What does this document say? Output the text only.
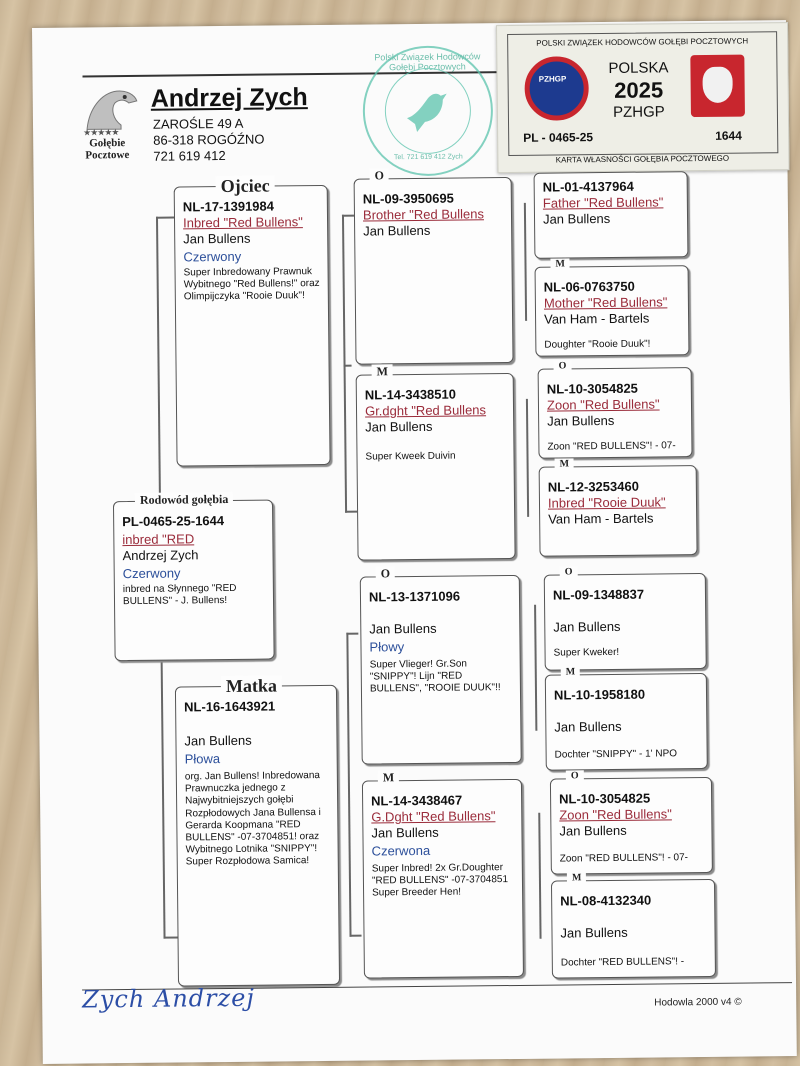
★★★★★
Gołębie
Pocztowe
Andrzej Zych
ZAROŚLE 49 A
86-318 ROGÓŹNO
721 619 412
Polski Związek Hodowców Gołębi Pocztowych
Tel. 721 619 412 Zych
POLSKI ZWIĄZEK HODOWCÓW GOŁĘBI POCZTOWYCH
PZHGP
POLSKA
2025
PZHGP
PL - 0465-25	1644
KARTA WŁASNOŚCI GOŁĘBIA POCZTOWEGO
PL-0465-25-1644
inbred "RED
Andrzej Zych
Czerwony
inbred na Słynnego "RED BULLENS" - J. Bullens!
Rodowód gołębia
NL-17-1391984
Inbred "Red Bullens"
Jan Bullens
Czerwony
Super Inbredowany Prawnuk Wybitnego "Red Bullens!" oraz Olimpijczyka "Rooie Duuk"!
Ojciec
NL-16-1643921
Jan Bullens
Płowa
org. Jan Bullens! Inbredowana Prawnuczka jednego z Najwybitniejszych gołębi Rozpłodowych Jana Bullensa i Gerarda Koopmana "RED BULLENS" -07-3704851! oraz Wybitnego Lotnika "SNIPPY"! Super Rozpłodowa Samica!
Matka
NL-09-3950695
Brother "Red Bullens
Jan Bullens
O
NL-14-3438510
Gr.dght "Red Bullens
Jan Bullens
Super Kweek Duivin
M
NL-13-1371096
Jan Bullens
Płowy
Super Vlieger! Gr.Son "SNIPPY"! Lijn "RED BULLENS", "ROOIE DUUK"!!
O
NL-14-3438467
G.Dght "Red Bullens"
Jan Bullens
Czerwona
Super Inbred! 2x Gr.Doughter "RED BULLENS" -07-3704851 Super Breeder Hen!
M
NL-01-4137964
Father "Red Bullens"
Jan Bullens
NL-06-0763750
Mother "Red Bullens"
Van Ham - Bartels
Doughter "Rooie Duuk"!
M
NL-10-3054825
Zoon "Red Bullens"
Jan Bullens
Zoon "RED BULLENS"! - 07-
O
NL-12-3253460
Inbred "Rooie Duuk"
Van Ham - Bartels
M
NL-09-1348837
Jan Bullens
Super Kweker!
O
NL-10-1958180
Jan Bullens
Dochter "SNIPPY" - 1' NPO
M
NL-10-3054825
Zoon "Red Bullens"
Jan Bullens
Zoon "RED BULLENS"! - 07-
O
NL-08-4132340
Jan Bullens
Dochter "RED BULLENS"! -
M
Zych Andrzej	Hodowla 2000 v4 ©
